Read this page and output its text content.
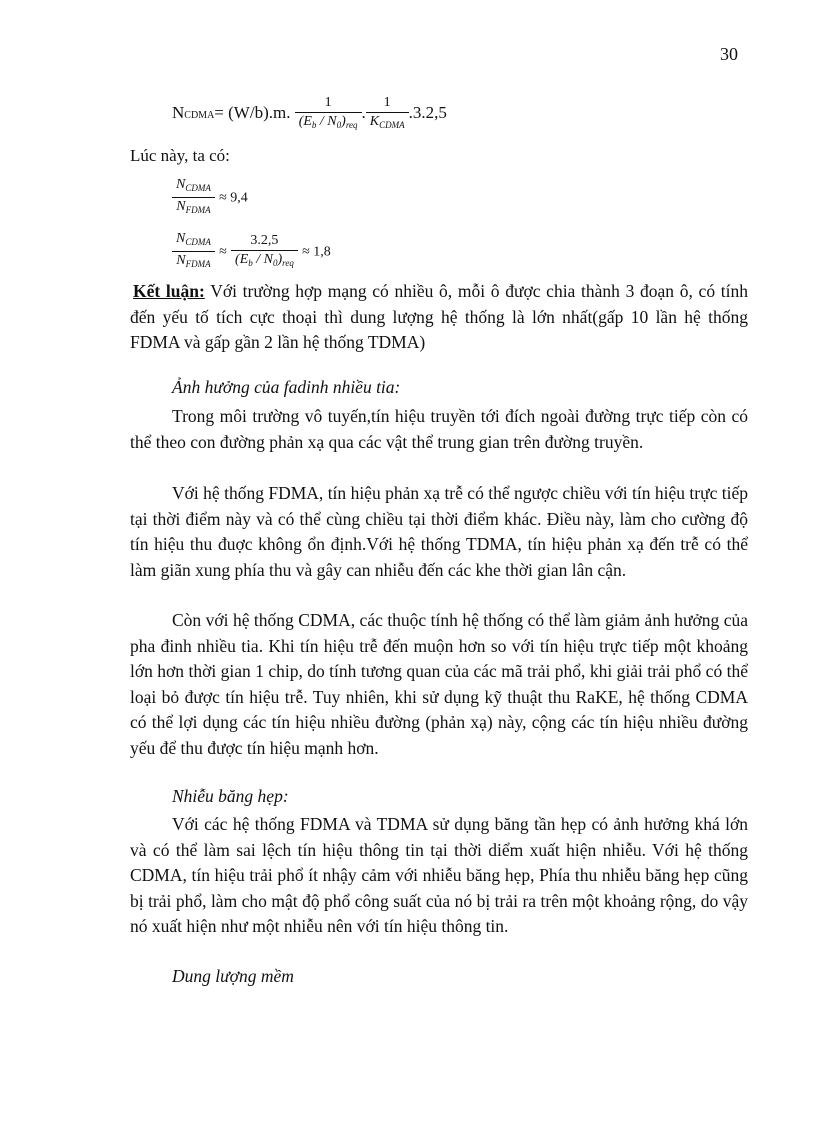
30
NCDMA= (W/b).m. $\frac{1}{(E_b / N_0)_{req}}$ . $\frac{1}{K_{CDMA}} .3.2,5$
Lúc này, ta có:
$\frac{N_{CDMA}}{N_{FDMA}} \approx 9,4$
$\frac{N_{CDMA}}{N_{FDMA}} \approx \frac{3.2,5}{(E_b / N_0)_{req}} \approx 1,8$
Kết luận: Với trường hợp mạng có nhiều ô, mỗi ô được chia thành 3 đoạn ô, có tính đến yếu tố tích cực thoại thì dung lượng hệ thống là lớn nhất(gấp 10 lần hệ thống FDMA và gấp gần 2 lần hệ thống TDMA)
Ảnh hưởng của fadinh nhiều tia:
Trong môi trường vô tuyến,tín hiệu truyền tới đích ngoài đường trực tiếp còn có thể theo con đường phản xạ qua các vật thể trung gian trên đường truyền.
Với hệ thống FDMA, tín hiệu phản xạ trễ có thể ngược chiều với tín hiệu trực tiếp tại thời điểm này và có thể cùng chiều tại thời điểm khác. Điều này, làm cho cường độ tín hiệu thu đuợc không ổn định.Với hệ thống TDMA, tín hiệu phản xạ đến trễ có thể làm giãn xung phía thu và gây can nhiễu đến các khe thời gian lân cận.
Còn với hệ thống CDMA, các thuộc tính hệ thống có thể làm giảm ảnh hưởng của pha đinh nhiều tia. Khi tín hiệu trễ đến muộn hơn so với tín hiệu trực tiếp một khoảng lớn hơn thời gian 1 chip, do tính tương quan của các mã trải phổ, khi giải trải phổ có thể loại bỏ được tín hiệu trễ. Tuy nhiên, khi sử dụng kỹ thuật thu RaKE, hệ thống CDMA có thể lợi dụng các tín hiệu nhiều đường (phản xạ) này, cộng các tín hiệu nhiều đường yếu để thu được tín hiệu mạnh hơn.
Nhiễu băng hẹp:
Với các hệ thống FDMA và TDMA sử dụng băng tần hẹp có ảnh hưởng khá lớn và có thể làm sai lệch tín hiệu thông tin tại thời diểm xuất hiện nhiễu. Với hệ thống CDMA, tín hiệu trải phổ ít nhậy cảm với nhiễu băng hẹp, Phía thu nhiễu băng hẹp cũng bị trải phổ, làm cho mật độ phổ công suất của nó bị trải ra trên một khoảng rộng, do vậy nó xuất hiện như một nhiễu nên với tín hiệu thông tin.
Dung lượng mềm
